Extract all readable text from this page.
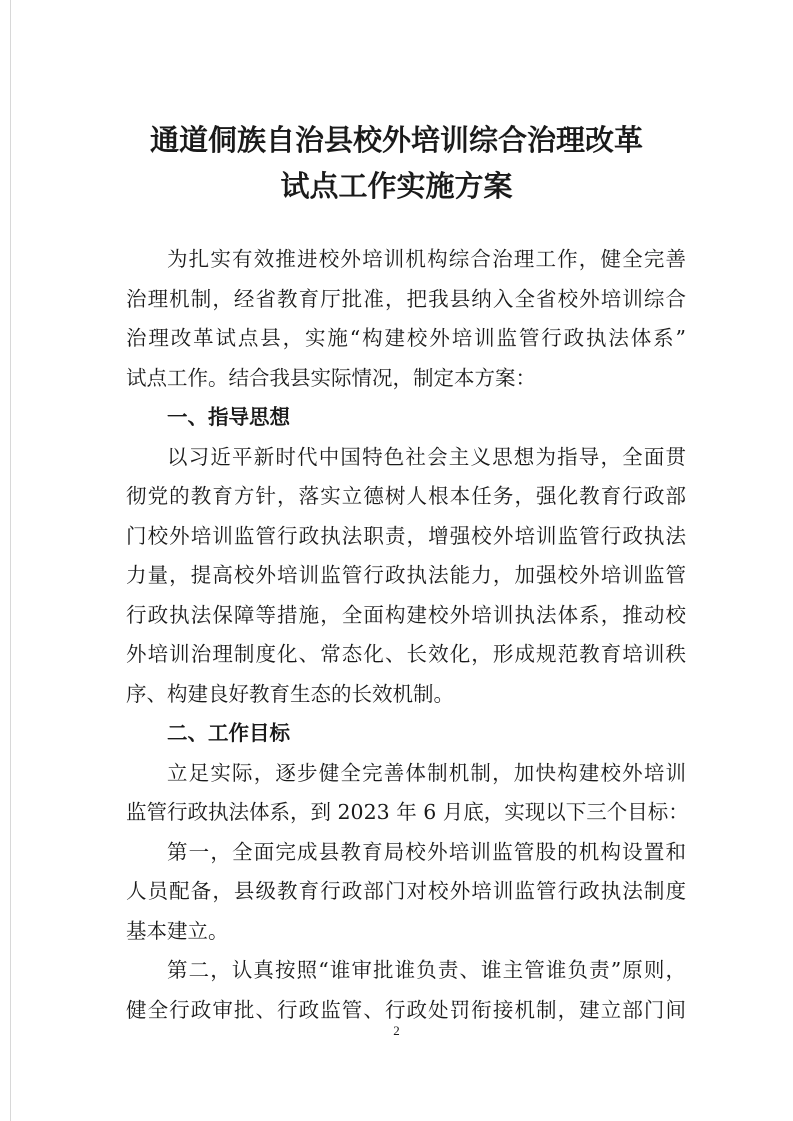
通道侗族自治县校外培训综合治理改革
试点工作实施方案
为扎实有效推进校外培训机构综合治理工作，健全完善
治理机制，经省教育厅批准，把我县纳入全省校外培训综合
治理改革试点县，实施“构建校外培训监管行政执法体系”
试点工作。结合我县实际情况，制定本方案：
一、指导思想
以习近平新时代中国特色社会主义思想为指导，全面贯
彻党的教育方针，落实立德树人根本任务，强化教育行政部
门校外培训监管行政执法职责，增强校外培训监管行政执法
力量，提高校外培训监管行政执法能力，加强校外培训监管
行政执法保障等措施，全面构建校外培训执法体系，推动校
外培训治理制度化、常态化、长效化，形成规范教育培训秩
序、构建良好教育生态的长效机制。
二、工作目标
立足实际，逐步健全完善体制机制，加快构建校外培训
监管行政执法体系，到 2023 年 6 月底，实现以下三个目标：
第一，全面完成县教育局校外培训监管股的机构设置和
人员配备，县级教育行政部门对校外培训监管行政执法制度
基本建立。
第二，认真按照“谁审批谁负责、谁主管谁负责”原则，
健全行政审批、行政监管、行政处罚衔接机制，建立部门间
2
